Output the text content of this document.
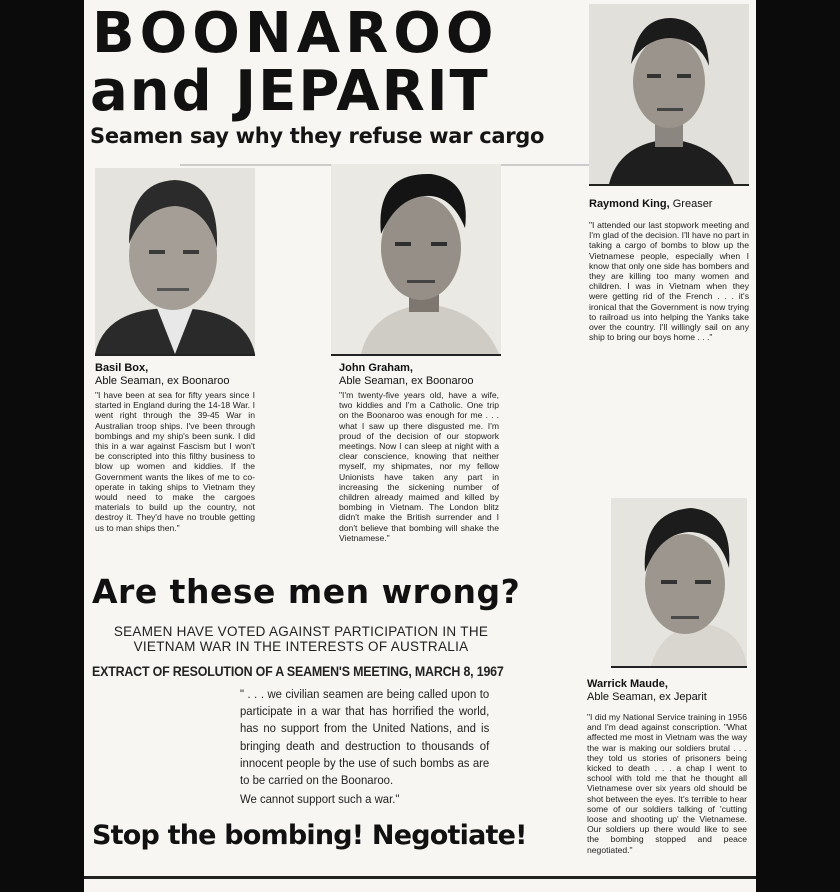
BOONAROO
and JEPARIT
Seamen say why they refuse war cargo
Raymond King, Greaser
"I attended our last stopwork meeting and I'm glad of the decision. I'll have no part in taking a cargo of bombs to blow up the Vietnamese people, especially when I know that only one side has bombers and they are killing too many women and children. I was in Vietnam when they were getting rid of the French . . . it's ironical that the Government is now trying to railroad us into helping the Yanks take over the country. I'll willingly sail on any ship to bring our boys home . . ."
Basil Box,
Able Seaman, ex Boonaroo
"I have been at sea for fifty years since I started in England during the 14-18 War. I went right through the 39-45 War in Australian troop ships. I've been through bombings and my ship's been sunk. I did this in a war against Fascism but I won't be conscripted into this filthy business to blow up women and kiddies. If the Government wants the likes of me to co-operate in taking ships to Vietnam they would need to make the cargoes materials to build up the country, not destroy it. They'd have no trouble getting us to man ships then."
John Graham,
Able Seaman, ex Boonaroo
"I'm twenty-five years old, have a wife, two kiddies and I'm a Catholic. One trip on the Boonaroo was enough for me . . . what I saw up there disgusted me. I'm proud of the decision of our stopwork meetings. Now I can sleep at night with a clear conscience, knowing that neither myself, my shipmates, nor my fellow Unionists have taken any part in increasing the sickening number of children already maimed and killed by bombing in Vietnam. The London blitz didn't make the British surrender and I don't believe that bombing will shake the Vietnamese."
Warrick Maude,
Able Seaman, ex Jeparit
"I did my National Service training in 1956 and I'm dead against conscription. "What affected me most in Vietnam was the way the war is making our soldiers brutal . . . they told us stories of prisoners being kicked to death . . . a chap I went to school with told me that he thought all Vietnamese over six years old should be shot between the eyes. It's terrible to hear some of our soldiers talking of 'cutting loose and shooting up' the Vietnamese. Our soldiers up there would like to see the bombing stopped and peace negotiated."
Are these men wrong?
SEAMEN HAVE VOTED AGAINST PARTICIPATION IN THE VIETNAM WAR IN THE INTERESTS OF AUSTRALIA
EXTRACT OF RESOLUTION OF A SEAMEN'S MEETING, MARCH 8, 1967
" . . . we civilian seamen are being called upon to participate in a war that has horrified the world, has no support from the United Nations, and is bringing death and destruction to thousands of innocent people by the use of such bombs as are to be carried on the Boonaroo.
We cannot support such a war."
Stop the bombing! Negotiate!
